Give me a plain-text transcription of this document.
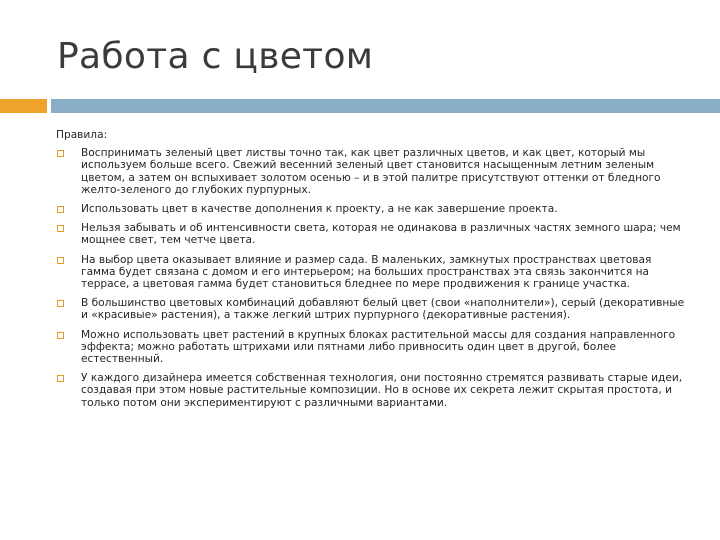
Работа с цветом
Правила:
Воспринимать зеленый цвет листвы точно так, как цвет различных цветов, и как цвет, который мы используем больше всего. Свежий весенний зеленый цвет становится насыщенным летним зеленым цветом, а затем он вспыхивает золотом осенью – и в этой палитре присутствуют оттенки от бледного желто-зеленого до глубоких пурпурных.
Использовать цвет в качестве дополнения к проекту, а не как завершение проекта.
Нельзя забывать и об интенсивности света, которая не одинакова в различных частях земного шара; чем мощнее свет, тем четче цвета.
На выбор цвета оказывает влияние и размер сада. В маленьких, замкнутых пространствах цветовая гамма будет связана с домом и его интерьером; на больших пространствах эта связь закончится на террасе, а цветовая гамма будет становиться бледнее по мере продвижения к границе участка.
В большинство цветовых комбинаций добавляют белый цвет (свои «наполнители»), серый (декоративные и «красивые» растения), а также легкий штрих пурпурного (декоративные растения).
Можно использовать цвет растений в крупных блоках растительной массы для создания направленного эффекта; можно работать штрихами или пятнами либо привносить один цвет в другой, более естественный.
У каждого дизайнера имеется собственная технология, они постоянно стремятся развивать старые идеи, создавая при этом новые растительные композиции. Но в основе их секрета лежит скрытая простота, и только потом они экспериментируют с различными вариантами.
